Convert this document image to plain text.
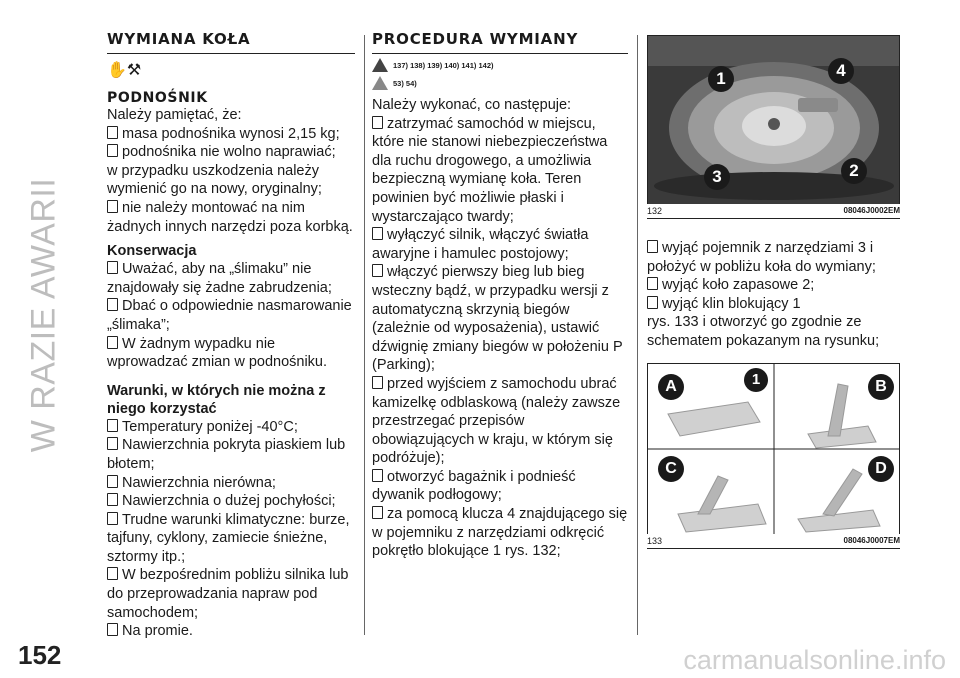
W RAZIE AWARII
152	carmanualsonline.info
WYMIANA KOŁA
✋⚒
PODNOŚNIK

Należy pamiętać, że:

masa podnośnika wynosi 2,15 kg;

podnośnika nie wolno naprawiać;

w przypadku uszkodzenia należy wymienić go na nowy, oryginalny;

nie należy montować na nim żadnych innych narzędzi poza korbką.

Konserwacja

Uważać, aby na „ślimaku” nie znajdowały się żadne zabrudzenia;

Dbać o odpowiednie nasmarowanie „ślimaka”;

W żadnym wypadku nie wprowadzać zmian w podnośniku.

Warunki, w których nie można z niego korzystać

Temperatury poniżej -40°C;

Nawierzchnia pokryta piaskiem lub błotem;

Nawierzchnia nierówna;

Nawierzchnia o dużej pochyłości;

Trudne warunki klimatyczne: burze, tajfuny, cyklony, zamiecie śnieżne, sztormy itp.;

W bezpośrednim pobliżu silnika lub do przeprowadzania napraw pod samochodem;

Na promie.

PROCEDURA WYMIANY
137) 138) 139) 140) 141) 142)
53) 54)

Należy wykonać, co następuje:

zatrzymać samochód w miejscu, które nie stanowi niebezpieczeństwa dla ruchu drogowego, a umożliwia bezpieczną wymianę koła. Teren powinien być możliwie płaski i wystarczająco twardy;

wyłączyć silnik, włączyć światła awaryjne i hamulec postojowy;

włączyć pierwszy bieg lub bieg wsteczny bądź, w przypadku wersji z automatyczną skrzynią biegów (zależnie od wyposażenia), ustawić dźwignię zmiany biegów w położeniu P (Parking);

przed wyjściem z samochodu ubrać kamizelkę odblaskową (należy zawsze przestrzegać przepisów obowiązujących w kraju, w którym się podróżuje);

otworzyć bagażnik i podnieść dywanik podłogowy;

za pomocą klucza 4 znajdującego się w pojemniku z narzędziami odkręcić pokrętło blokujące 1 rys. 132;

1	4
3	2
132	08046J0002EM

wyjąć pojemnik z narzędziami 3 i położyć w pobliżu koła do wymiany;

wyjąć koło zapasowe 2;

wyjąć klin blokujący 1

rys. 133 i otworzyć go zgodnie ze schematem pokazanym na rysunku;

A	1	B
C	D
133	08046J0007EM
